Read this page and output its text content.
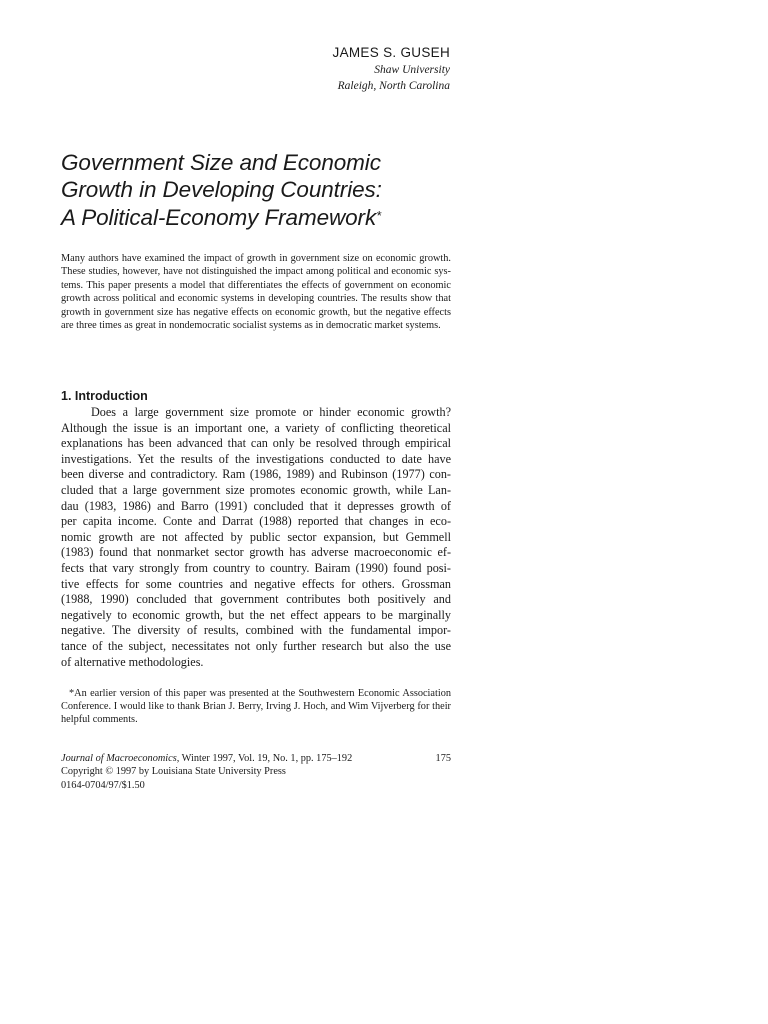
JAMES S. GUSEH
Shaw University
Raleigh, North Carolina
Government Size and Economic
Growth in Developing Countries:
A Political-Economy Framework*
Many authors have examined the impact of growth in government size on economic growth.
These studies, however, have not distinguished the impact among political and economic sys-
tems. This paper presents a model that differentiates the effects of government on economic
growth across political and economic systems in developing countries. The results show that
growth in government size has negative effects on economic growth, but the negative effects
are three times as great in nondemocratic socialist systems as in democratic market systems.
1. Introduction
Does a large government size promote or hinder economic growth?
Although the issue is an important one, a variety of conflicting theoretical
explanations has been advanced that can only be resolved through empirical
investigations. Yet the results of the investigations conducted to date have
been diverse and contradictory. Ram (1986, 1989) and Rubinson (1977) con-
cluded that a large government size promotes economic growth, while Lan-
dau (1983, 1986) and Barro (1991) concluded that it depresses growth of
per capita income. Conte and Darrat (1988) reported that changes in eco-
nomic growth are not affected by public sector expansion, but Gemmell
(1983) found that nonmarket sector growth has adverse macroeconomic ef-
fects that vary strongly from country to country. Bairam (1990) found posi-
tive effects for some countries and negative effects for others. Grossman
(1988, 1990) concluded that government contributes both positively and
negatively to economic growth, but the net effect appears to be marginally
negative. The diversity of results, combined with the fundamental impor-
tance of the subject, necessitates not only further research but also the use
of alternative methodologies.
*An earlier version of this paper was presented at the Southwestern Economic Association
Conference. I would like to thank Brian J. Berry, Irving J. Hoch, and Wim Vijverberg for their
helpful comments.
Journal of Macroeconomics, Winter 1997, Vol. 19, No. 1, pp. 175–192	175
Copyright © 1997 by Louisiana State University Press
0164-0704/97/$1.50
